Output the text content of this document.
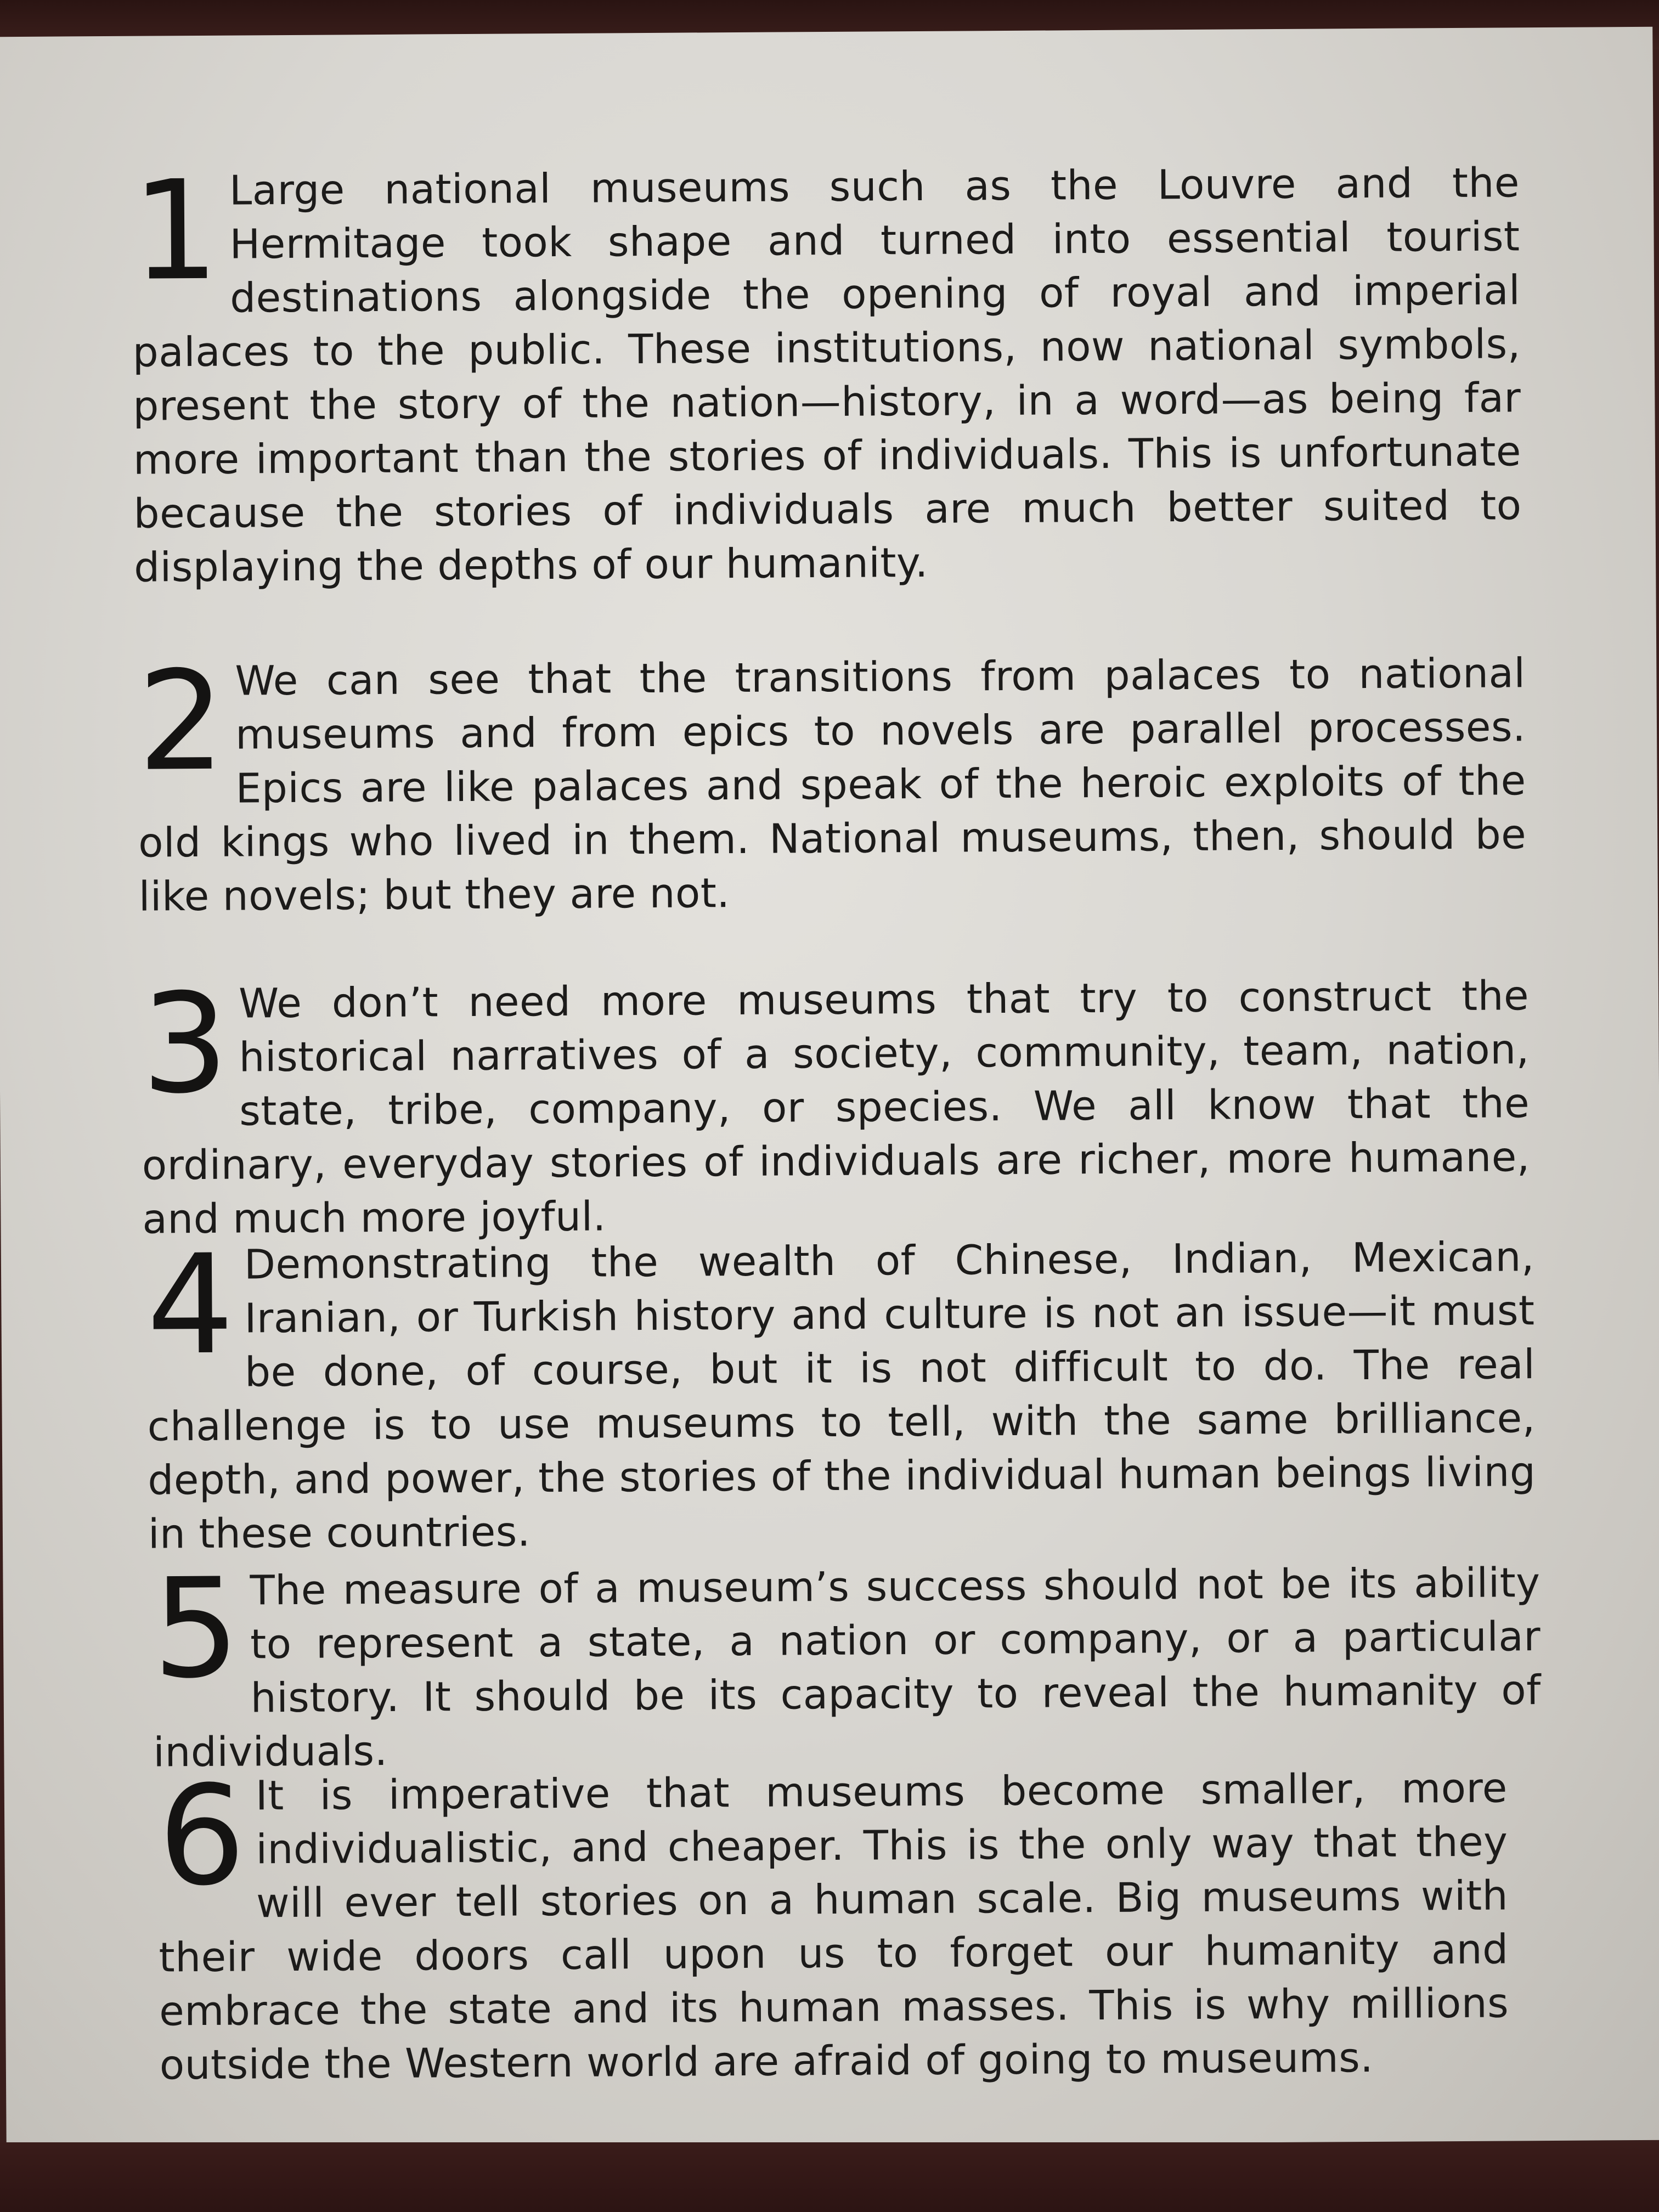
1 Large national museums such as the Louvre and the Hermitage took shape and turned into essential tourist destinations alongside the opening of royal and imperial palaces to the public. These institutions, now national symbols, present the story of the nation—history, in a word—as being far more important than the stories of individuals. This is unfortunate because the stories of individuals are much better suited to displaying the depths of our humanity.
2 We can see that the transitions from palaces to national museums and from epics to novels are parallel processes. Epics are like palaces and speak of the heroic exploits of the old kings who lived in them. National museums, then, should be like novels; but they are not.
3 We don’t need more museums that try to construct the historical narratives of a society, community, team, nation, state, tribe, company, or species. We all know that the ordinary, everyday stories of individuals are richer, more humane, and much more joyful.
4 Demonstrating the wealth of Chinese, Indian, Mexican, Iranian, or Turkish history and culture is not an issue—it must be done, of course, but it is not difficult to do. The real challenge is to use museums to tell, with the same brilliance, depth, and power, the stories of the individual human beings living in these countries.
5 The measure of a museum’s success should not be its ability to represent a state, a nation or company, or a particular history. It should be its capacity to reveal the humanity of individuals.
6 It is imperative that museums become smaller, more individualistic, and cheaper. This is the only way that they will ever tell stories on a human scale. Big museums with their wide doors call upon us to forget our humanity and embrace the state and its human masses. This is why millions outside the Western world are afraid of going to museums.
